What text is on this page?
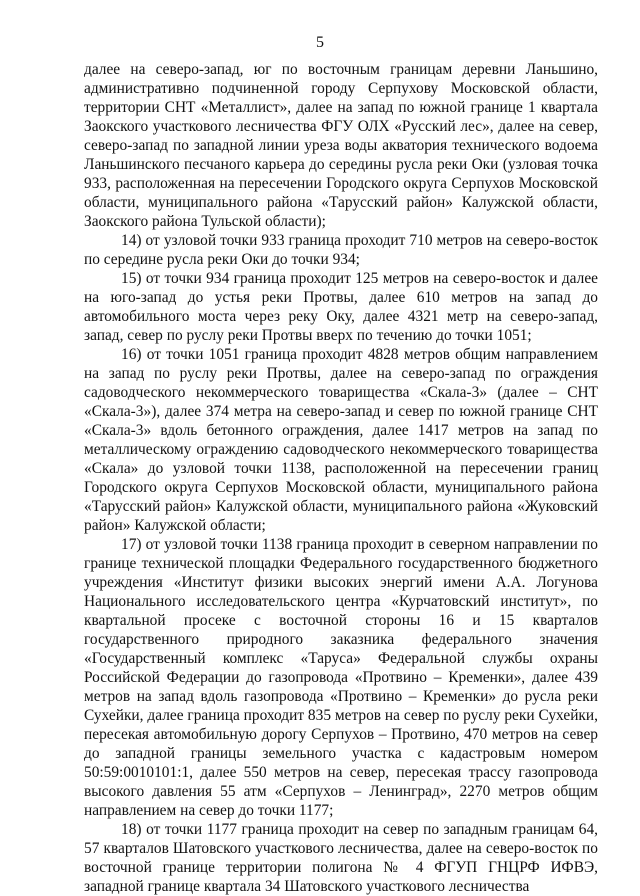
5

далее на северо-запад, юг по восточным границам деревни Ланьшино, административно подчиненной городу Серпухову Московской области, территории СНТ «Металлист», далее на запад по южной границе 1 квартала Заокского участкового лесничества ФГУ ОЛХ «Русский лес», далее на север, северо-запад по западной линии уреза воды акватория технического водоема Ланьшинского песчаного карьера до середины русла реки Оки (узловая точка 933, расположенная на пересечении Городского округа Серпухов Московской области, муниципального района «Тарусский район» Калужской области, Заокского района Тульской области);

14) от узловой точки 933 граница проходит 710 метров на северо-восток по середине русла реки Оки до точки 934;

15) от точки 934 граница проходит 125 метров на северо-восток и далее на юго-запад до устья реки Протвы, далее 610 метров на запад до автомобильного моста через реку Оку, далее 4321 метр на северо-запад, запад, север по руслу реки Протвы вверх по течению до точки 1051;

16) от точки 1051 граница проходит 4828 метров общим направлением на запад по руслу реки Протвы, далее на северо-запад по ограждения садоводческого некоммерческого товарищества «Скала-3» (далее – СНТ «Скала-3»), далее 374 метра на северо-запад и север по южной границе СНТ «Скала-3» вдоль бетонного ограждения, далее 1417 метров на запад по металлическому ограждению садоводческого некоммерческого товарищества «Скала» до узловой точки 1138, расположенной на пересечении границ Городского округа Серпухов Московской области, муниципального района «Тарусский район» Калужской области, муниципального района «Жуковский район» Калужской области;

17) от узловой точки 1138 граница проходит в северном направлении по границе технической площадки Федерального государственного бюджетного учреждения «Институт физики высоких энергий имени А.А. Логунова Национального исследовательского центра «Курчатовский институт», по квартальной просеке с восточной стороны 16 и 15 кварталов государственного природного заказника федерального значения «Государственный комплекс «Таруса» Федеральной службы охраны Российской Федерации до газопровода «Протвино – Кременки», далее 439 метров на запад вдоль газопровода «Протвино – Кременки» до русла реки Сухейки, далее граница проходит 835 метров на север по руслу реки Сухейки, пересекая автомобильную дорогу Серпухов – Протвино, 470 метров на север до западной границы земельного участка с кадастровым номером 50:59:0010101:1, далее 550 метров на север, пересекая трассу газопровода высокого давления 55 атм «Серпухов – Ленинград», 2270 метров общим направлением на север до точки 1177;

18) от точки 1177 граница проходит на север по западным границам 64, 57 кварталов Шатовского участкового лесничества, далее на северо-восток по восточной границе территории полигона № 4 ФГУП ГНЦРФ ИФВЭ, западной границе квартала 34 Шатовского участкового лесничества
